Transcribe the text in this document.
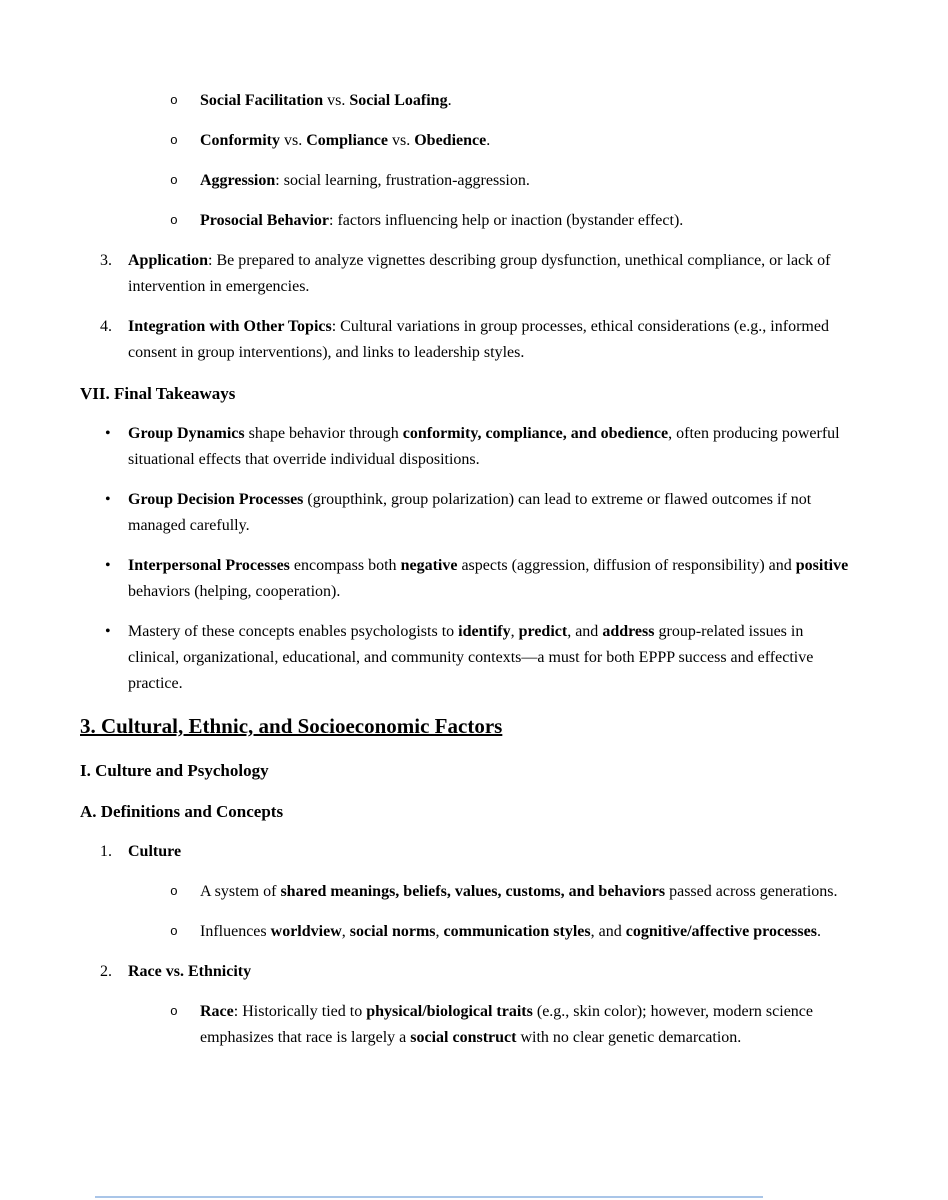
o Social Facilitation vs. Social Loafing.
o Conformity vs. Compliance vs. Obedience.
o Aggression: social learning, frustration-aggression.
o Prosocial Behavior: factors influencing help or inaction (bystander effect).
3. Application: Be prepared to analyze vignettes describing group dysfunction, unethical compliance, or lack of intervention in emergencies.
4. Integration with Other Topics: Cultural variations in group processes, ethical considerations (e.g., informed consent in group interventions), and links to leadership styles.
VII. Final Takeaways
• Group Dynamics shape behavior through conformity, compliance, and obedience, often producing powerful situational effects that override individual dispositions.
• Group Decision Processes (groupthink, group polarization) can lead to extreme or flawed outcomes if not managed carefully.
• Interpersonal Processes encompass both negative aspects (aggression, diffusion of responsibility) and positive behaviors (helping, cooperation).
• Mastery of these concepts enables psychologists to identify, predict, and address group-related issues in clinical, organizational, educational, and community contexts—a must for both EPPP success and effective practice.
3. Cultural, Ethnic, and Socioeconomic Factors
I. Culture and Psychology
A. Definitions and Concepts
1. Culture
o A system of shared meanings, beliefs, values, customs, and behaviors passed across generations.
o Influences worldview, social norms, communication styles, and cognitive/affective processes.
2. Race vs. Ethnicity
o Race: Historically tied to physical/biological traits (e.g., skin color); however, modern science emphasizes that race is largely a social construct with no clear genetic demarcation.
